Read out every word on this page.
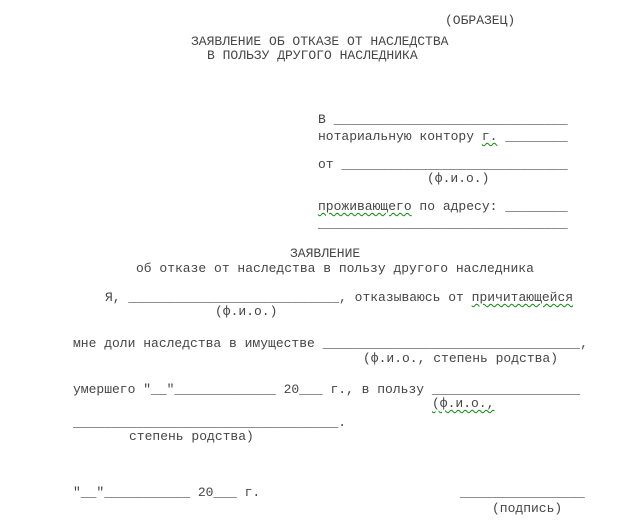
(ОБРАЗЕЦ)
ЗАЯВЛЕНИЕ ОБ ОТКАЗЕ ОТ НАСЛЕДСТВА
В ПОЛЬЗУ ДРУГОГО НАСЛЕДНИКА
В ______________________________
нотариальную контору г. ________
от _____________________________
(ф.и.о.)
проживающего по адресу: ________
________________________________
ЗАЯВЛЕНИЕ
об отказе от наследства в пользу другого наследника
Я, ___________________________, отказываюсь от причитающейся
(ф.и.о.)
мне доли наследства в имуществе _________________________________,
(ф.и.о., степень родства)
умершего "__"_____________ 20___ г., в пользу ___________________
(ф.и.о.,
__________________________________.
степень родства)
"__"___________ 20___ г.	________________
(подпись)
